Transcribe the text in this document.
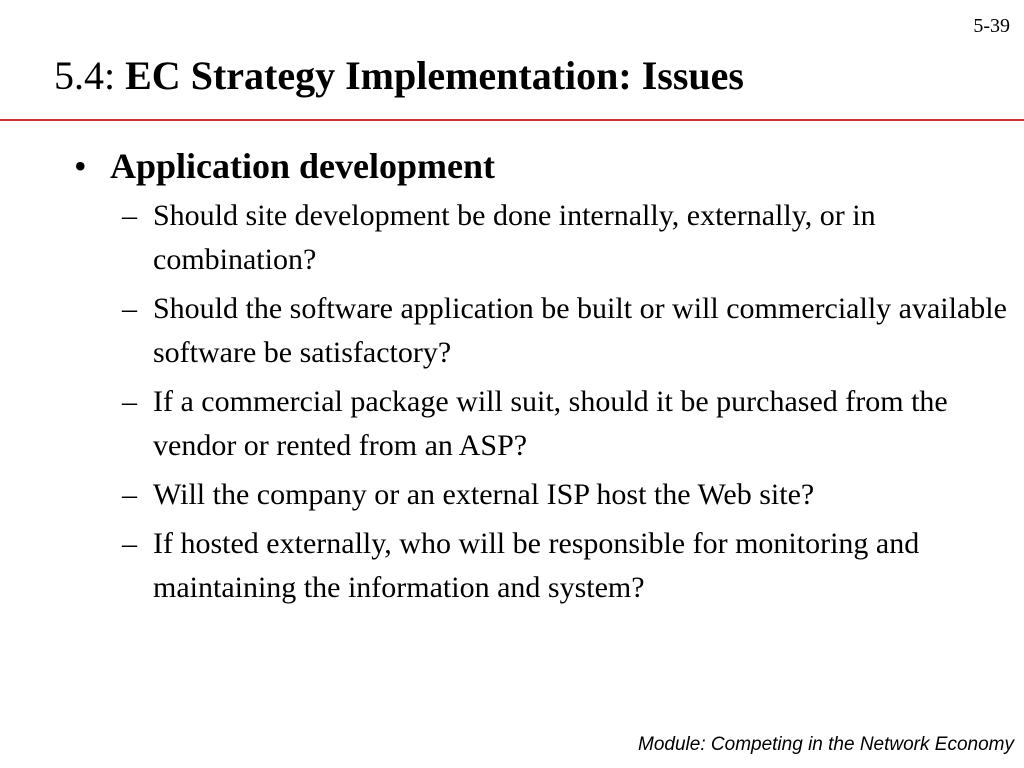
5-39
5.4: EC Strategy Implementation: Issues
• Application development
– Should site development be done internally, externally, or in combination?
– Should the software application be built or will commercially available software be satisfactory?
– If a commercial package will suit, should it be purchased from the vendor or rented from an ASP?
– Will the company or an external ISP host the Web site?
– If hosted externally, who will be responsible for monitoring and maintaining the information and system?
Module: Competing in the Network Economy
